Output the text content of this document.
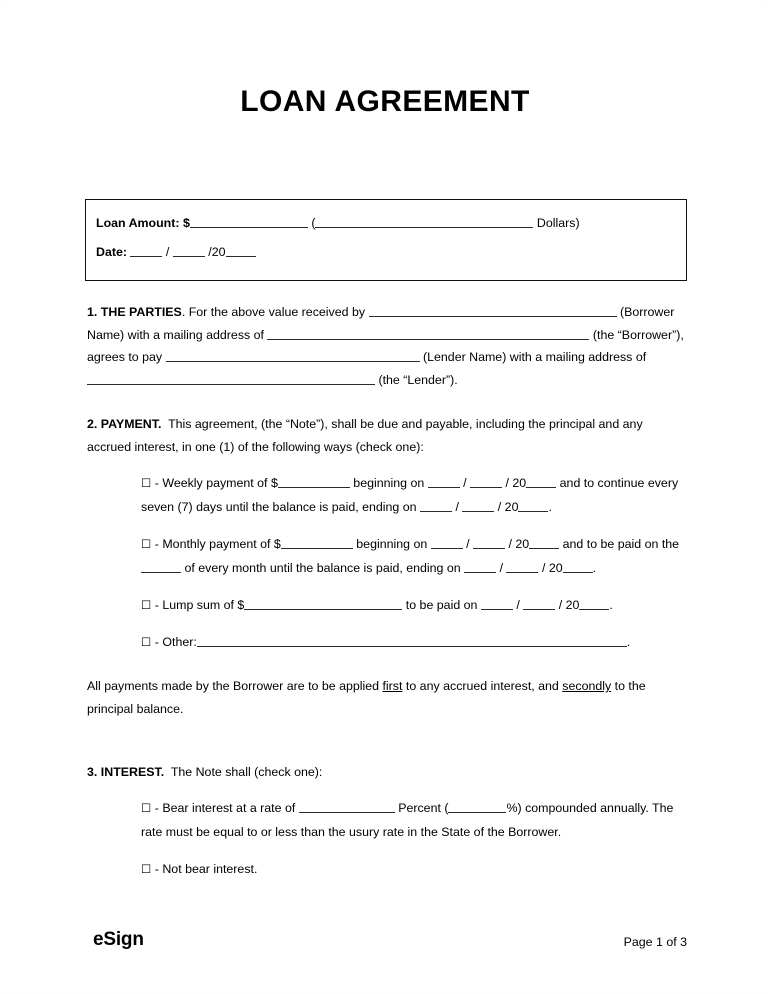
LOAN AGREEMENT
Loan Amount: $	(	Dollars)
Date:	/	/20

1. THE PARTIES. For the above value received by	(Borrower Name) with a mailing address of	(the “Borrower”), agrees to pay	(Lender Name) with a mailing address of  (the “Lender”).

2. PAYMENT. This agreement, (the “Note”), shall be due and payable, including the principal and any accrued interest, in one (1) of the following ways (check one):

☐ - Weekly payment of $	beginning on	/	/ 20	and to continue every seven (7) days until the balance is paid, ending on	/	/ 20 .

☐ - Monthly payment of $	beginning on	/	/ 20	and to be paid on the  of every month until the balance is paid, ending on	/	/ 20 .

☐ - Lump sum of $	to be paid on	/	/ 20 .

☐ - Other:	.

All payments made by the Borrower are to be applied first to any accrued interest, and secondly to the principal balance.

3. INTEREST. The Note shall (check one):

☐ - Bear interest at a rate of	Percent (	%) compounded annually. The rate must be equal to or less than the usury rate in the State of the Borrower.

☐ - Not bear interest.

eSign	Page 1 of 3
